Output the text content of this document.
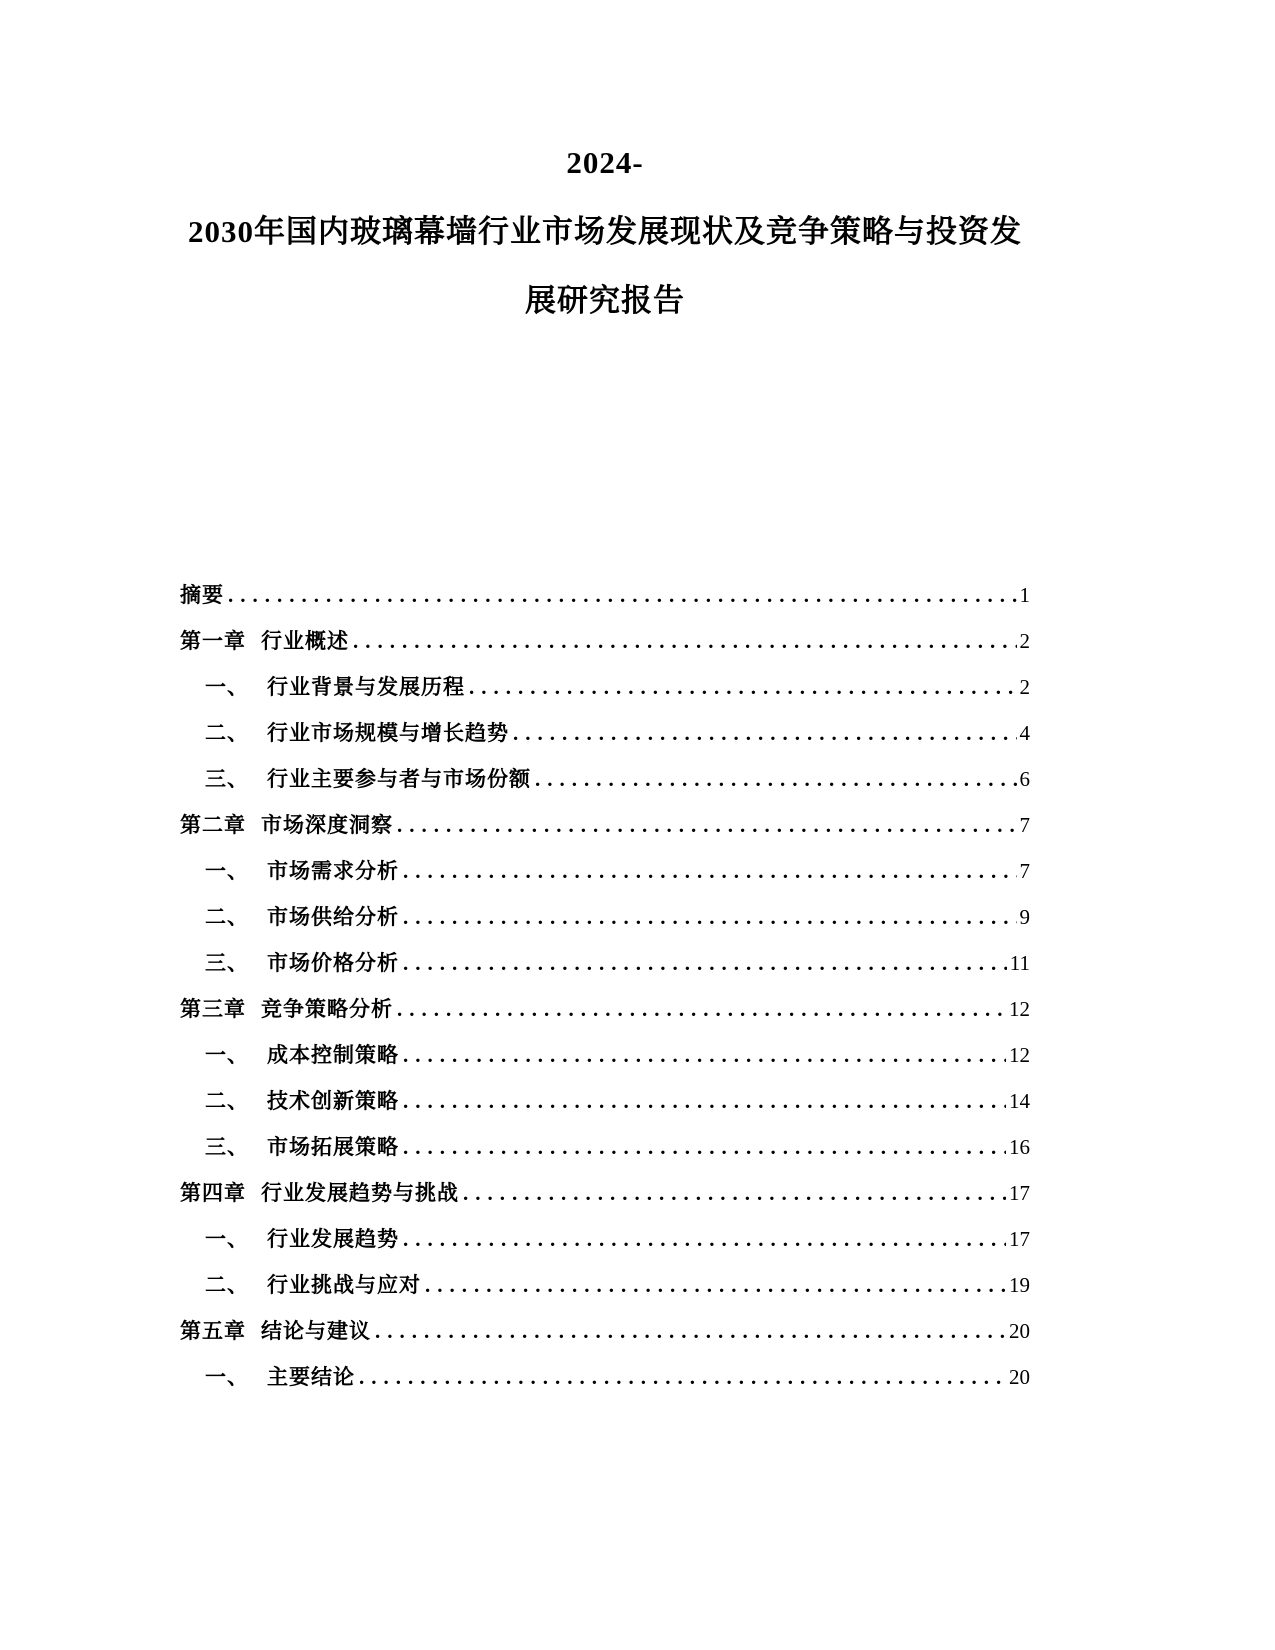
2024-
2030年国内玻璃幕墙行业市场发展现状及竞争策略与投资发
展研究报告
摘要 .....	1
第一章 行业概述 .....	2
一、 行业背景与发展历程 .....	2
二、 行业市场规模与增长趋势 .....	4
三、 行业主要参与者与市场份额 .....	6
第二章 市场深度洞察 .....	7
一、 市场需求分析 .....	7
二、 市场供给分析 .....	9
三、 市场价格分析 .....	11
第三章 竞争策略分析 .....	12
一、 成本控制策略 .....	12
二、 技术创新策略 .....	14
三、 市场拓展策略 .....	16
第四章 行业发展趋势与挑战 .....	17
一、 行业发展趋势 .....	17
二、 行业挑战与应对 .....	19
第五章 结论与建议 .....	20
一、 主要结论 .....	20
